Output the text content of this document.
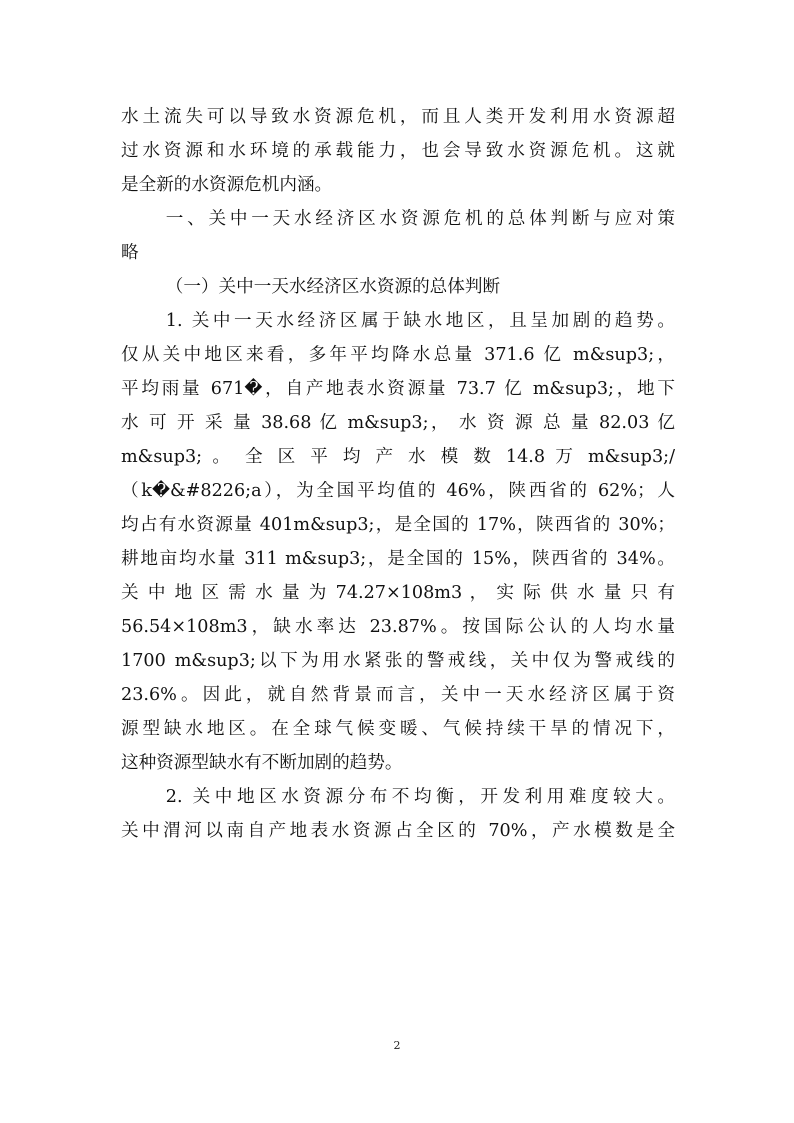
水土流失可以导致水资源危机，而且人类开发利用水资源超
过水资源和水环境的承载能力，也会导致水资源危机。这就
是全新的水资源危机内涵。
一、关中一天水经济区水资源危机的总体判断与应对策
略
（一）关中一天水经济区水资源的总体判断
1. 关中一天水经济区属于缺水地区，且呈加剧的趋势。
仅从关中地区来看，多年平均降水总量 371.6 亿 m&sup3;，
平均雨量 671�，自产地表水资源量 73.7 亿 m&sup3;，地下
水 可 开 采 量 38.68 亿 m&sup3;， 水 资 源 总 量 82.03 亿
m&sup3; 。 全 区 平 均 产 水 模 数 14.8 万 m&sup3;/
（k�&#8226;a），为全国平均值的 46%，陕西省的 62%；人
均占有水资源量 401m&sup3;，是全国的 17%，陕西省的 30%；
耕地亩均水量 311 m&sup3;，是全国的 15%，陕西省的 34%。
关 中 地 区 需 水 量 为 74.27×108m3 ， 实 际 供 水 量 只 有
56.54×108m3，缺水率达 23.87%。按国际公认的人均水量
1700 m&sup3;以下为用水紧张的警戒线，关中仅为警戒线的
23.6%。因此，就自然背景而言，关中一天水经济区属于资
源型缺水地区。在全球气候变暖、气候持续干旱的情况下，
这种资源型缺水有不断加剧的趋势。
2. 关中地区水资源分布不均衡，开发利用难度较大。
关中渭河以南自产地表水资源占全区的 70%，产水模数是全
2
